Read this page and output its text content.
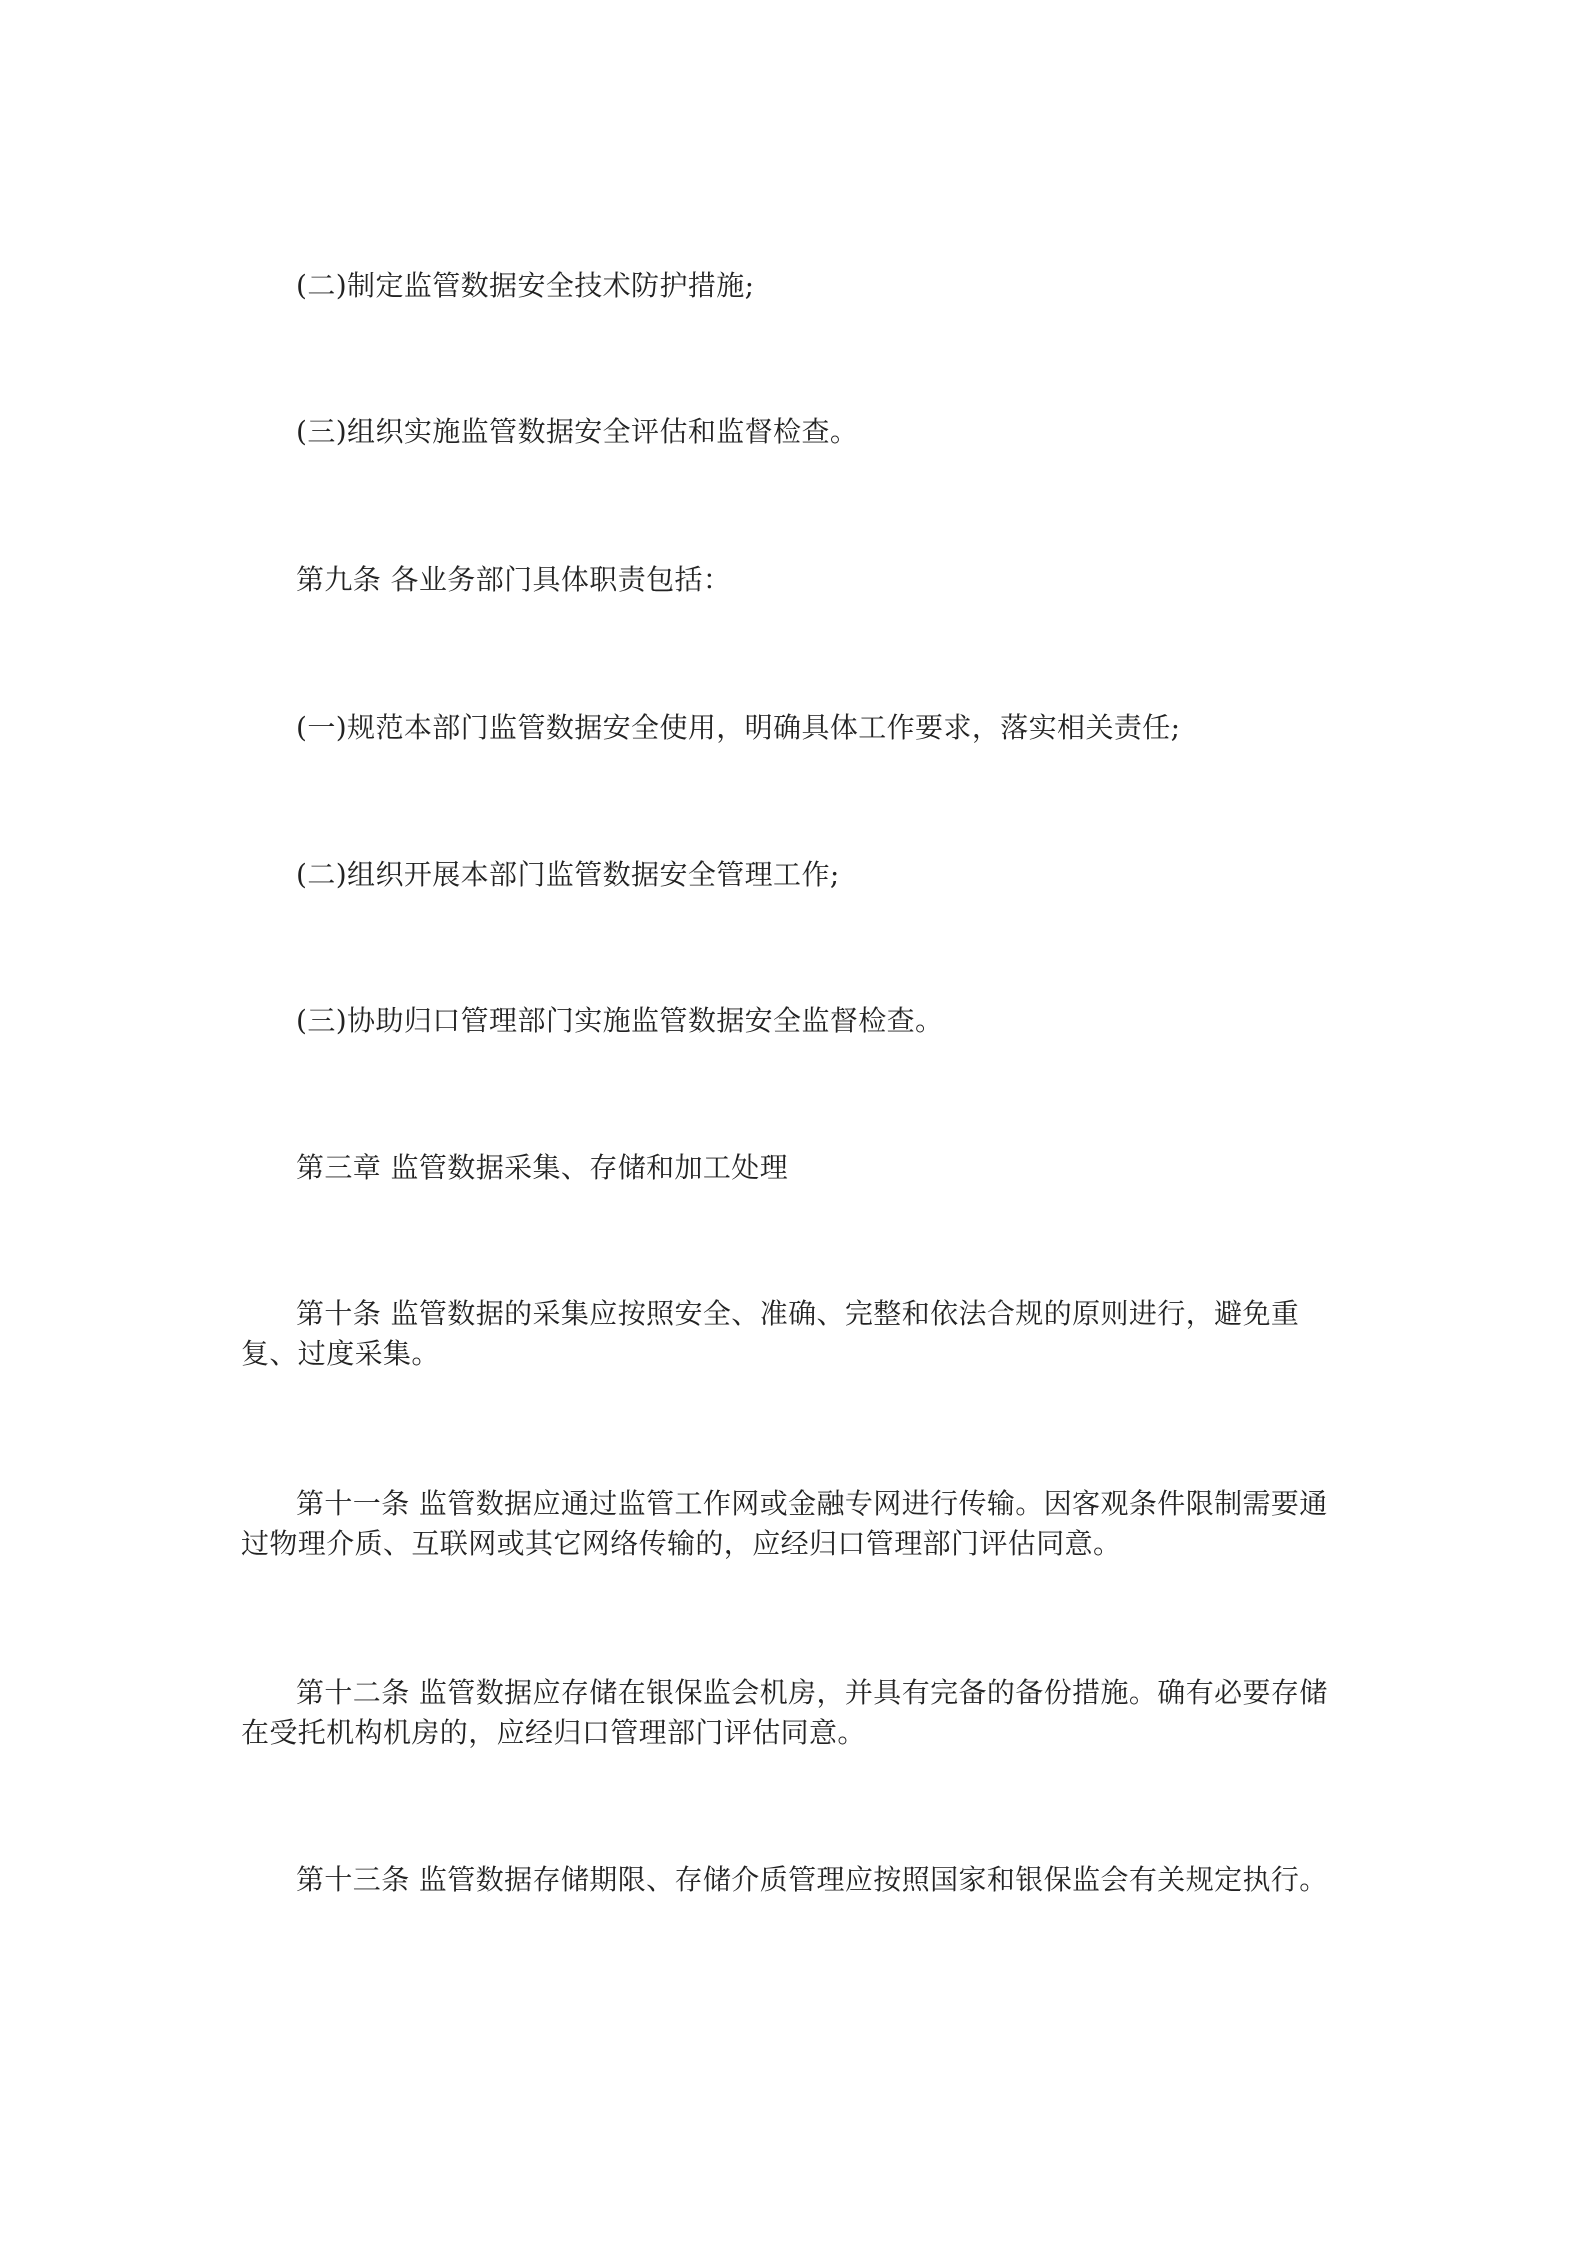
(二)制定监管数据安全技术防护措施;

(三)组织实施监管数据安全评估和监督检查。

第九条 各业务部门具体职责包括：

(一)规范本部门监管数据安全使用，明确具体工作要求，落实相关责任;

(二)组织开展本部门监管数据安全管理工作;

(三)协助归口管理部门实施监管数据安全监督检查。

第三章 监管数据采集、存储和加工处理

第十条 监管数据的采集应按照安全、准确、完整和依法合规的原则进行，避免重复、过度采集。

第十一条 监管数据应通过监管工作网或金融专网进行传输。因客观条件限制需要通过物理介质、互联网或其它网络传输的，应经归口管理部门评估同意。

第十二条 监管数据应存储在银保监会机房，并具有完备的备份措施。确有必要存储在受托机构机房的，应经归口管理部门评估同意。

第十三条 监管数据存储期限、存储介质管理应按照国家和银保监会有关规定执行。
